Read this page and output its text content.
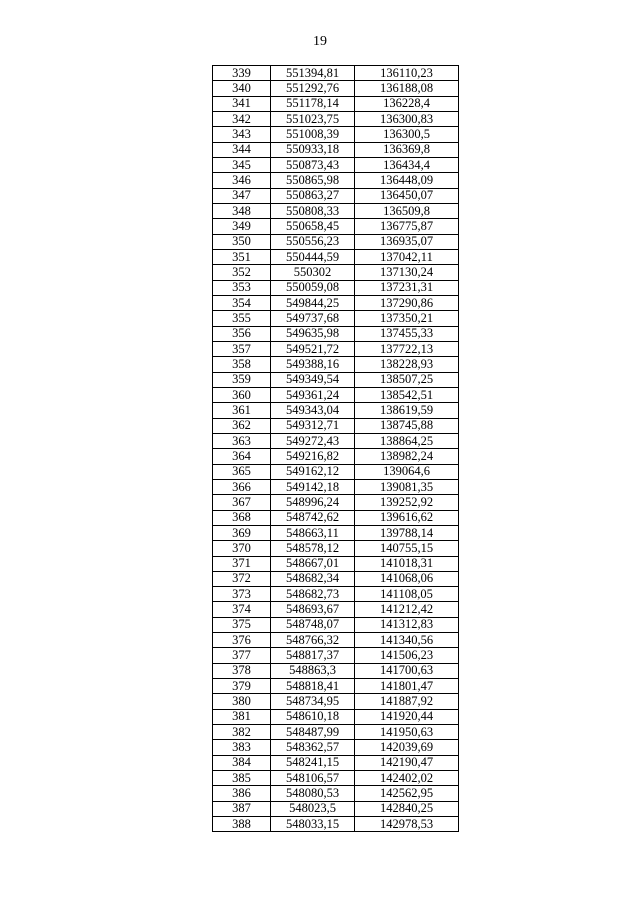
19
339	551394,81	136110,23
340	551292,76	136188,08
341	551178,14	136228,4
342	551023,75	136300,83
343	551008,39	136300,5
344	550933,18	136369,8
345	550873,43	136434,4
346	550865,98	136448,09
347	550863,27	136450,07
348	550808,33	136509,8
349	550658,45	136775,87
350	550556,23	136935,07
351	550444,59	137042,11
352	550302	137130,24
353	550059,08	137231,31
354	549844,25	137290,86
355	549737,68	137350,21
356	549635,98	137455,33
357	549521,72	137722,13
358	549388,16	138228,93
359	549349,54	138507,25
360	549361,24	138542,51
361	549343,04	138619,59
362	549312,71	138745,88
363	549272,43	138864,25
364	549216,82	138982,24
365	549162,12	139064,6
366	549142,18	139081,35
367	548996,24	139252,92
368	548742,62	139616,62
369	548663,11	139788,14
370	548578,12	140755,15
371	548667,01	141018,31
372	548682,34	141068,06
373	548682,73	141108,05
374	548693,67	141212,42
375	548748,07	141312,83
376	548766,32	141340,56
377	548817,37	141506,23
378	548863,3	141700,63
379	548818,41	141801,47
380	548734,95	141887,92
381	548610,18	141920,44
382	548487,99	141950,63
383	548362,57	142039,69
384	548241,15	142190,47
385	548106,57	142402,02
386	548080,53	142562,95
387	548023,5	142840,25
388	548033,15	142978,53
